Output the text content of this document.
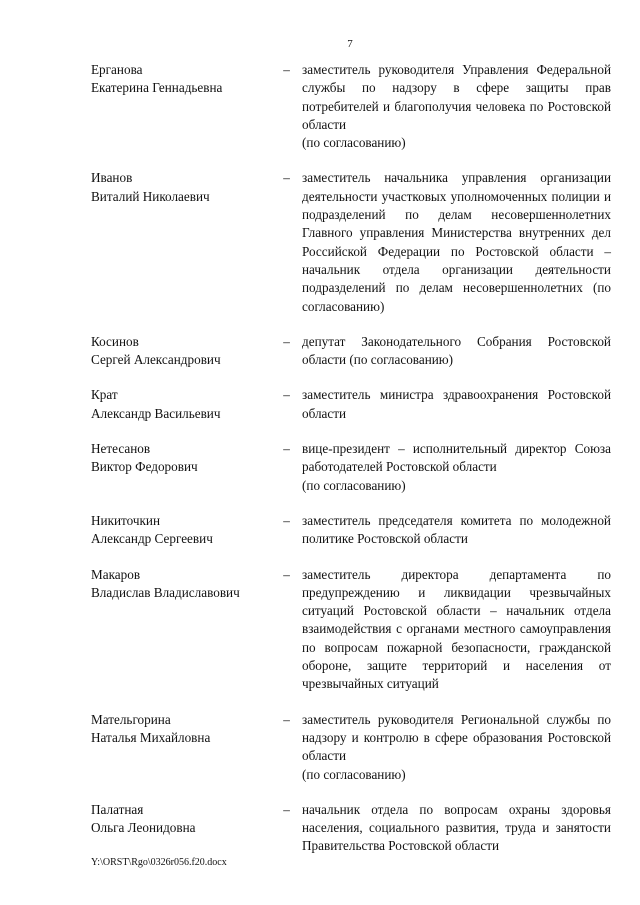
7
Ерганова
Екатерина Геннадьевна
– заместитель руководителя Управления Федеральной службы по надзору в сфере защиты прав потребителей и благополучия человека по Ростовской области
(по согласованию)
Иванов
Виталий Николаевич
– заместитель начальника управления организации деятельности участковых уполномоченных полиции и подразделений по делам несовершеннолетних Главного управления Министерства внутренних дел Российской Федерации по Ростовской области – начальник отдела организации деятельности подразделений по делам несовершеннолетних (по согласованию)
Косинов
Сергей Александрович
– депутат Законодательного Собрания Ростовской области (по согласованию)
Крат
Александр Васильевич
– заместитель министра здравоохранения Ростовской области
Нетесанов
Виктор Федорович
– вице-президент – исполнительный директор Союза работодателей Ростовской области
(по согласованию)
Никиточкин
Александр Сергеевич
– заместитель председателя комитета по молодежной политике Ростовской области
Макаров
Владислав Владиславович
– заместитель директора департамента по предупреждению и ликвидации чрезвычайных ситуаций Ростовской области – начальник отдела взаимодействия с органами местного самоуправления по вопросам пожарной безопасности, гражданской обороне, защите территорий и населения от чрезвычайных ситуаций
Мательгорина
Наталья Михайловна
– заместитель руководителя Региональной службы по надзору и контролю в сфере образования Ростовской области
(по согласованию)
Палатная
Ольга Леонидовна
– начальник отдела по вопросам охраны здоровья населения, социального развития, труда и занятости Правительства Ростовской области
Y:\ORST\Rgo\0326r056.f20.docx
